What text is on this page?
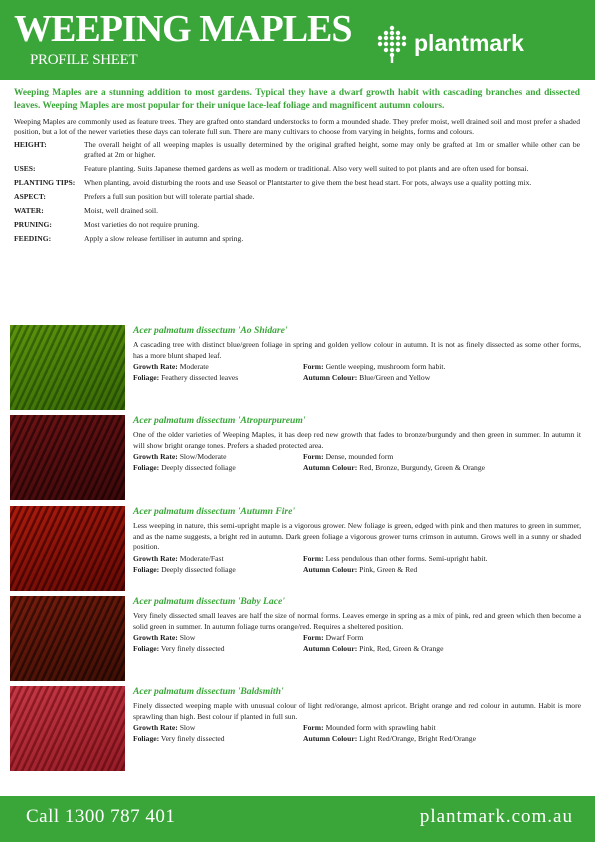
WEEPING MAPLES
PROFILE SHEET
plantmark

Weeping Maples are a stunning addition to most gardens. Typical they have a dwarf growth habit with cascading branches and dissected leaves. Weeping Maples are most popular for their unique lace-leaf foliage and magnificent autumn colours.

Weeping Maples are commonly used as feature trees. They are grafted onto standard understocks to form a mounded shade. They prefer moist, well drained soil and most prefer a shaded position, but a lot of the newer varieties these days can tolerate full sun. There are many cultivars to choose from varying in heights, forms and colours.

HEIGHT:	The overall height of all weeping maples is usually determined by the original grafted height, some may only be grafted at 1m or smaller while other can be grafted at 2m or higher.
USES:	Feature planting. Suits Japanese themed gardens as well as modern or traditional. Also very well suited to pot plants and are often used for bonsai.
PLANTING TIPS:	When planting, avoid disturbing the roots and use Seasol or Plantstarter to give them the best head start. For pots, always use a quality potting mix.
ASPECT:	Prefers a full sun position but will tolerate partial shade.
WATER:	Moist, well drained soil.
PRUNING:	Most varieties do not require pruning.
FEEDING:	Apply a slow release fertiliser in autumn and spring.
Acer palmatum dissectum 'Ao Shidare'
A cascading tree with distinct blue/green foliage in spring and golden yellow colour in autumn. It is not as finely dissected as some other forms, has a more blunt shaped leaf.
Growth Rate: Moderate	Form: Gentle weeping, mushroom form habit.
Foliage: Feathery dissected leaves	Autumn Colour: Blue/Green and Yellow
Acer palmatum dissectum 'Atropurpureum'
One of the older varieties of Weeping Maples, it has deep red new growth that fades to bronze/burgundy and then green in summer. In autumn it will show bright orange tones. Prefers a shaded protected area.
Growth Rate: Slow/Moderate	Form: Dense, mounded form
Foliage: Deeply dissected foliage	Autumn Colour: Red, Bronze, Burgundy, Green & Orange
Acer palmatum dissectum 'Autumn Fire'
Less weeping in nature, this semi-upright maple is a vigorous grower. New foliage is green, edged with pink and then matures to green in summer, and as the name suggests, a bright red in autumn. Dark green foliage a vigorous grower turns crimson in autumn. Grows well in a sunny or shaded position.
Growth Rate: Moderate/Fast	Form: Less pendulous than other forms. Semi-upright habit.
Foliage: Deeply dissected foliage	Autumn Colour: Pink, Green & Red
Acer palmatum dissectum 'Baby Lace'
Very finely dissected small leaves are half the size of normal forms. Leaves emerge in spring as a mix of pink, red and green which then become a solid green in summer. In autumn foliage turns orange/red. Requires a sheltered position.
Growth Rate: Slow	Form: Dwarf Form
Foliage: Very finely dissected	Autumn Colour: Pink, Red, Green & Orange
Acer palmatum dissectum 'Baldsmith'
Finely dissected weeping maple with unusual colour of light red/orange, almost apricot. Bright orange and red colour in autumn. Habit is more sprawling than high. Best colour if planted in full sun.
Growth Rate: Slow	Form: Mounded form with sprawling habit
Foliage: Very finely dissected	Autumn Colour: Light Red/Orange, Bright Red/Orange
Call 1300 787 401	plantmark.com.au
